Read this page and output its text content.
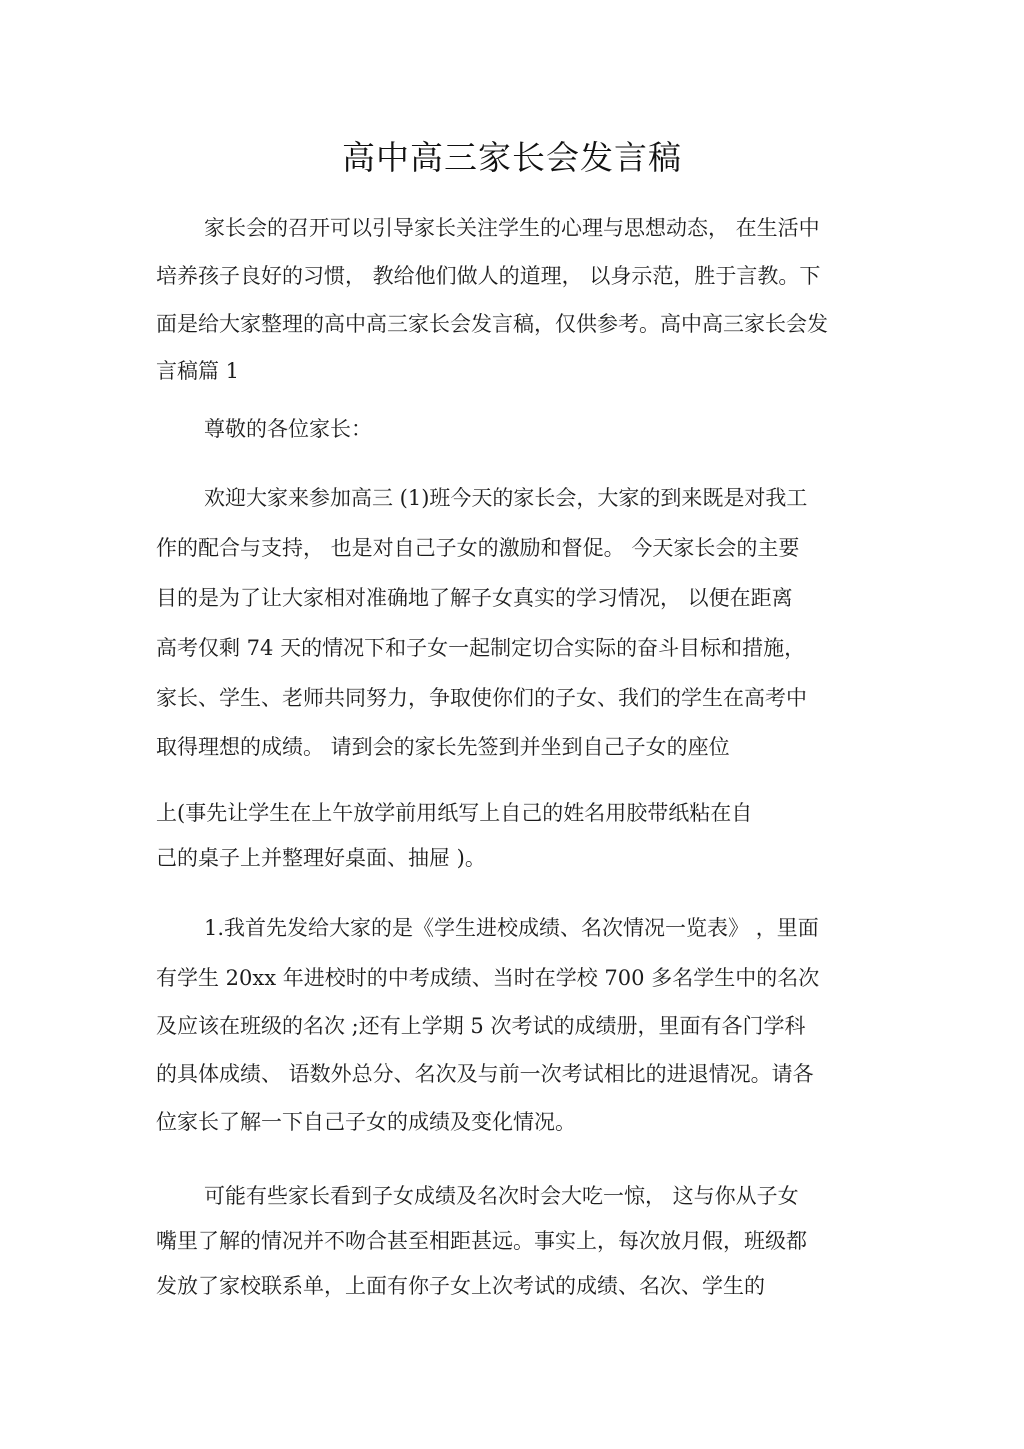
高中高三家长会发言稿
家长会的召开可以引导家长关注学生的心理与思想动态， 在生活中
培养孩子良好的习惯， 教给他们做人的道理， 以身示范，胜于言教。下
面是给大家整理的高中高三家长会发言稿，仅供参考。高中高三家长会发
言稿篇 1
尊敬的各位家长：
欢迎大家来参加高三 (1)班今天的家长会，大家的到来既是对我工
作的配合与支持， 也是对自己子女的激励和督促。 今天家长会的主要
目的是为了让大家相对准确地了解子女真实的学习情况， 以便在距离
高考仅剩 74 天的情况下和子女一起制定切合实际的奋斗目标和措施，
家长、学生、老师共同努力，争取使你们的子女、我们的学生在高考中
取得理想的成绩。 请到会的家长先签到并坐到自己子女的座位
上(事先让学生在上午放学前用纸写上自己的姓名用胶带纸粘在自
己的桌子上并整理好桌面、抽屉 )。
1.我首先发给大家的是《学生进校成绩、名次情况一览表》 ，里面
有学生 20xx 年进校时的中考成绩、当时在学校 700 多名学生中的名次
及应该在班级的名次 ;还有上学期 5 次考试的成绩册，里面有各门学科
的具体成绩、 语数外总分、名次及与前一次考试相比的进退情况。请各
位家长了解一下自己子女的成绩及变化情况。
可能有些家长看到子女成绩及名次时会大吃一惊， 这与你从子女
嘴里了解的情况并不吻合甚至相距甚远。事实上，每次放月假，班级都
发放了家校联系单，上面有你子女上次考试的成绩、名次、学生的
